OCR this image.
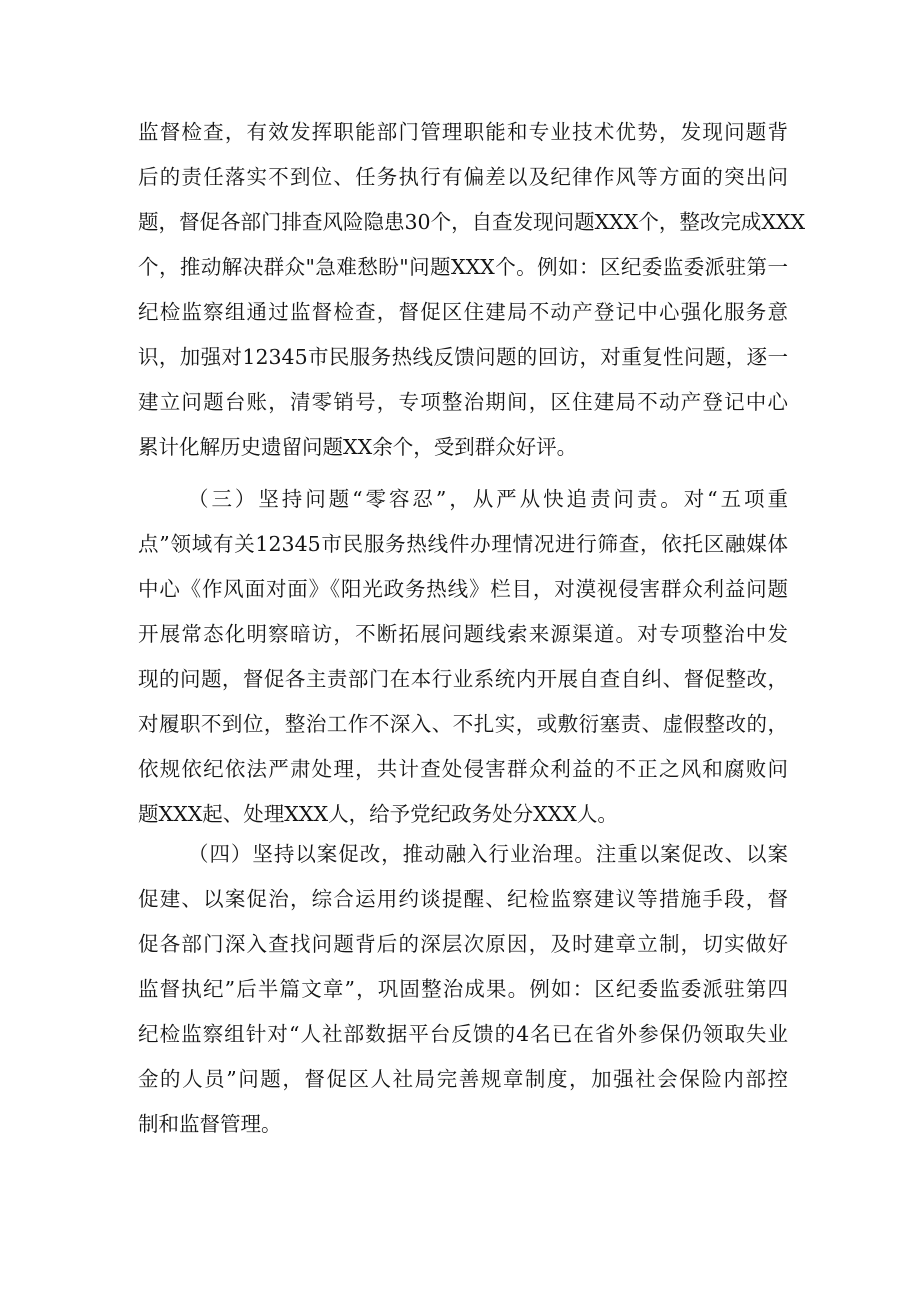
监督检查，有效发挥职能部门管理职能和专业技术优势，发现问题背
后的责任落实不到位、任务执行有偏差以及纪律作风等方面的突出问
题，督促各部门排查风险隐患30个，自查发现问题XXX个，整改完成XXX
个，推动解决群众"急难愁盼"问题XXX个。例如：区纪委监委派驻第一
纪检监察组通过监督检查，督促区住建局不动产登记中心强化服务意
识，加强对12345市民服务热线反馈问题的回访，对重复性问题，逐一
建立问题台账，清零销号，专项整治期间，区住建局不动产登记中心
累计化解历史遗留问题XX余个，受到群众好评。
（三）坚持问题“零容忍”，从严从快追责问责。对“五项重
点”领域有关12345市民服务热线件办理情况进行筛查，依托区融媒体
中心《作风面对面》《阳光政务热线》栏目，对漠视侵害群众利益问题
开展常态化明察暗访，不断拓展问题线索来源渠道。对专项整治中发
现的问题，督促各主责部门在本行业系统内开展自查自纠、督促整改，
对履职不到位，整治工作不深入、不扎实，或敷衍塞责、虚假整改的，
依规依纪依法严肃处理，共计查处侵害群众利益的不正之风和腐败问
题XXX起、处理XXX人，给予党纪政务处分XXX人。
（四）坚持以案促改，推动融入行业治理。注重以案促改、以案
促建、以案促治，综合运用约谈提醒、纪检监察建议等措施手段，督
促各部门深入查找问题背后的深层次原因，及时建章立制，切实做好
监督执纪”后半篇文章”，巩固整治成果。例如：区纪委监委派驻第四
纪检监察组针对“人社部数据平台反馈的4名已在省外参保仍领取失业
金的人员”问题，督促区人社局完善规章制度，加强社会保险内部控
制和监督管理。
